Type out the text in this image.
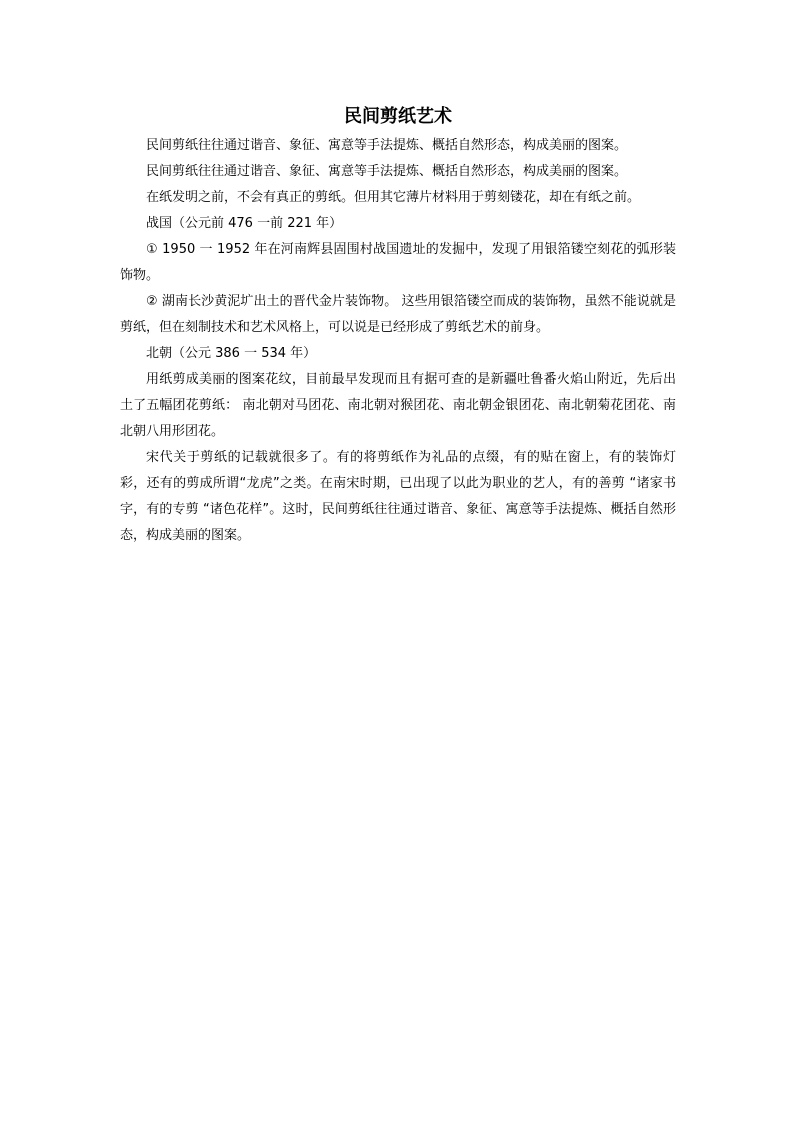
民间剪纸艺术

民间剪纸往往通过谐音、象征、寓意等手法提炼、概括自然形态，构成美丽的图案。

民间剪纸往往通过谐音、象征、寓意等手法提炼、概括自然形态，构成美丽的图案。

在纸发明之前，不会有真正的剪纸。但用其它薄片材料用于剪刻镂花，却在有纸之前。

战国（公元前 476 一前 221 年）

① 1950 一 1952 年在河南辉县固围村战国遗址的发掘中，发现了用银箔镂空刻花的弧形装饰物。

② 湖南长沙黄泥圹出土的晋代金片装饰物。 这些用银箔镂空而成的装饰物，虽然不能说就是剪纸，但在刻制技术和艺术风格上，可以说是已经形成了剪纸艺术的前身。

北朝（公元 386 一 534 年）

用纸剪成美丽的图案花纹，目前最早发现而且有据可查的是新疆吐鲁番火焰山附近，先后出土了五幅团花剪纸： 南北朝对马团花、南北朝对猴团花、南北朝金银团花、南北朝菊花团花、南北朝八用形团花。

宋代关于剪纸的记载就很多了。有的将剪纸作为礼品的点缀，有的贴在窗上，有的装饰灯彩，还有的剪成所谓“龙虎”之类。在南宋时期，已出现了以此为职业的艺人，有的善剪 “诸家书字，有的专剪 “诸色花样”。这时，民间剪纸往往通过谐音、象征、寓意等手法提炼、概括自然形态，构成美丽的图案。
